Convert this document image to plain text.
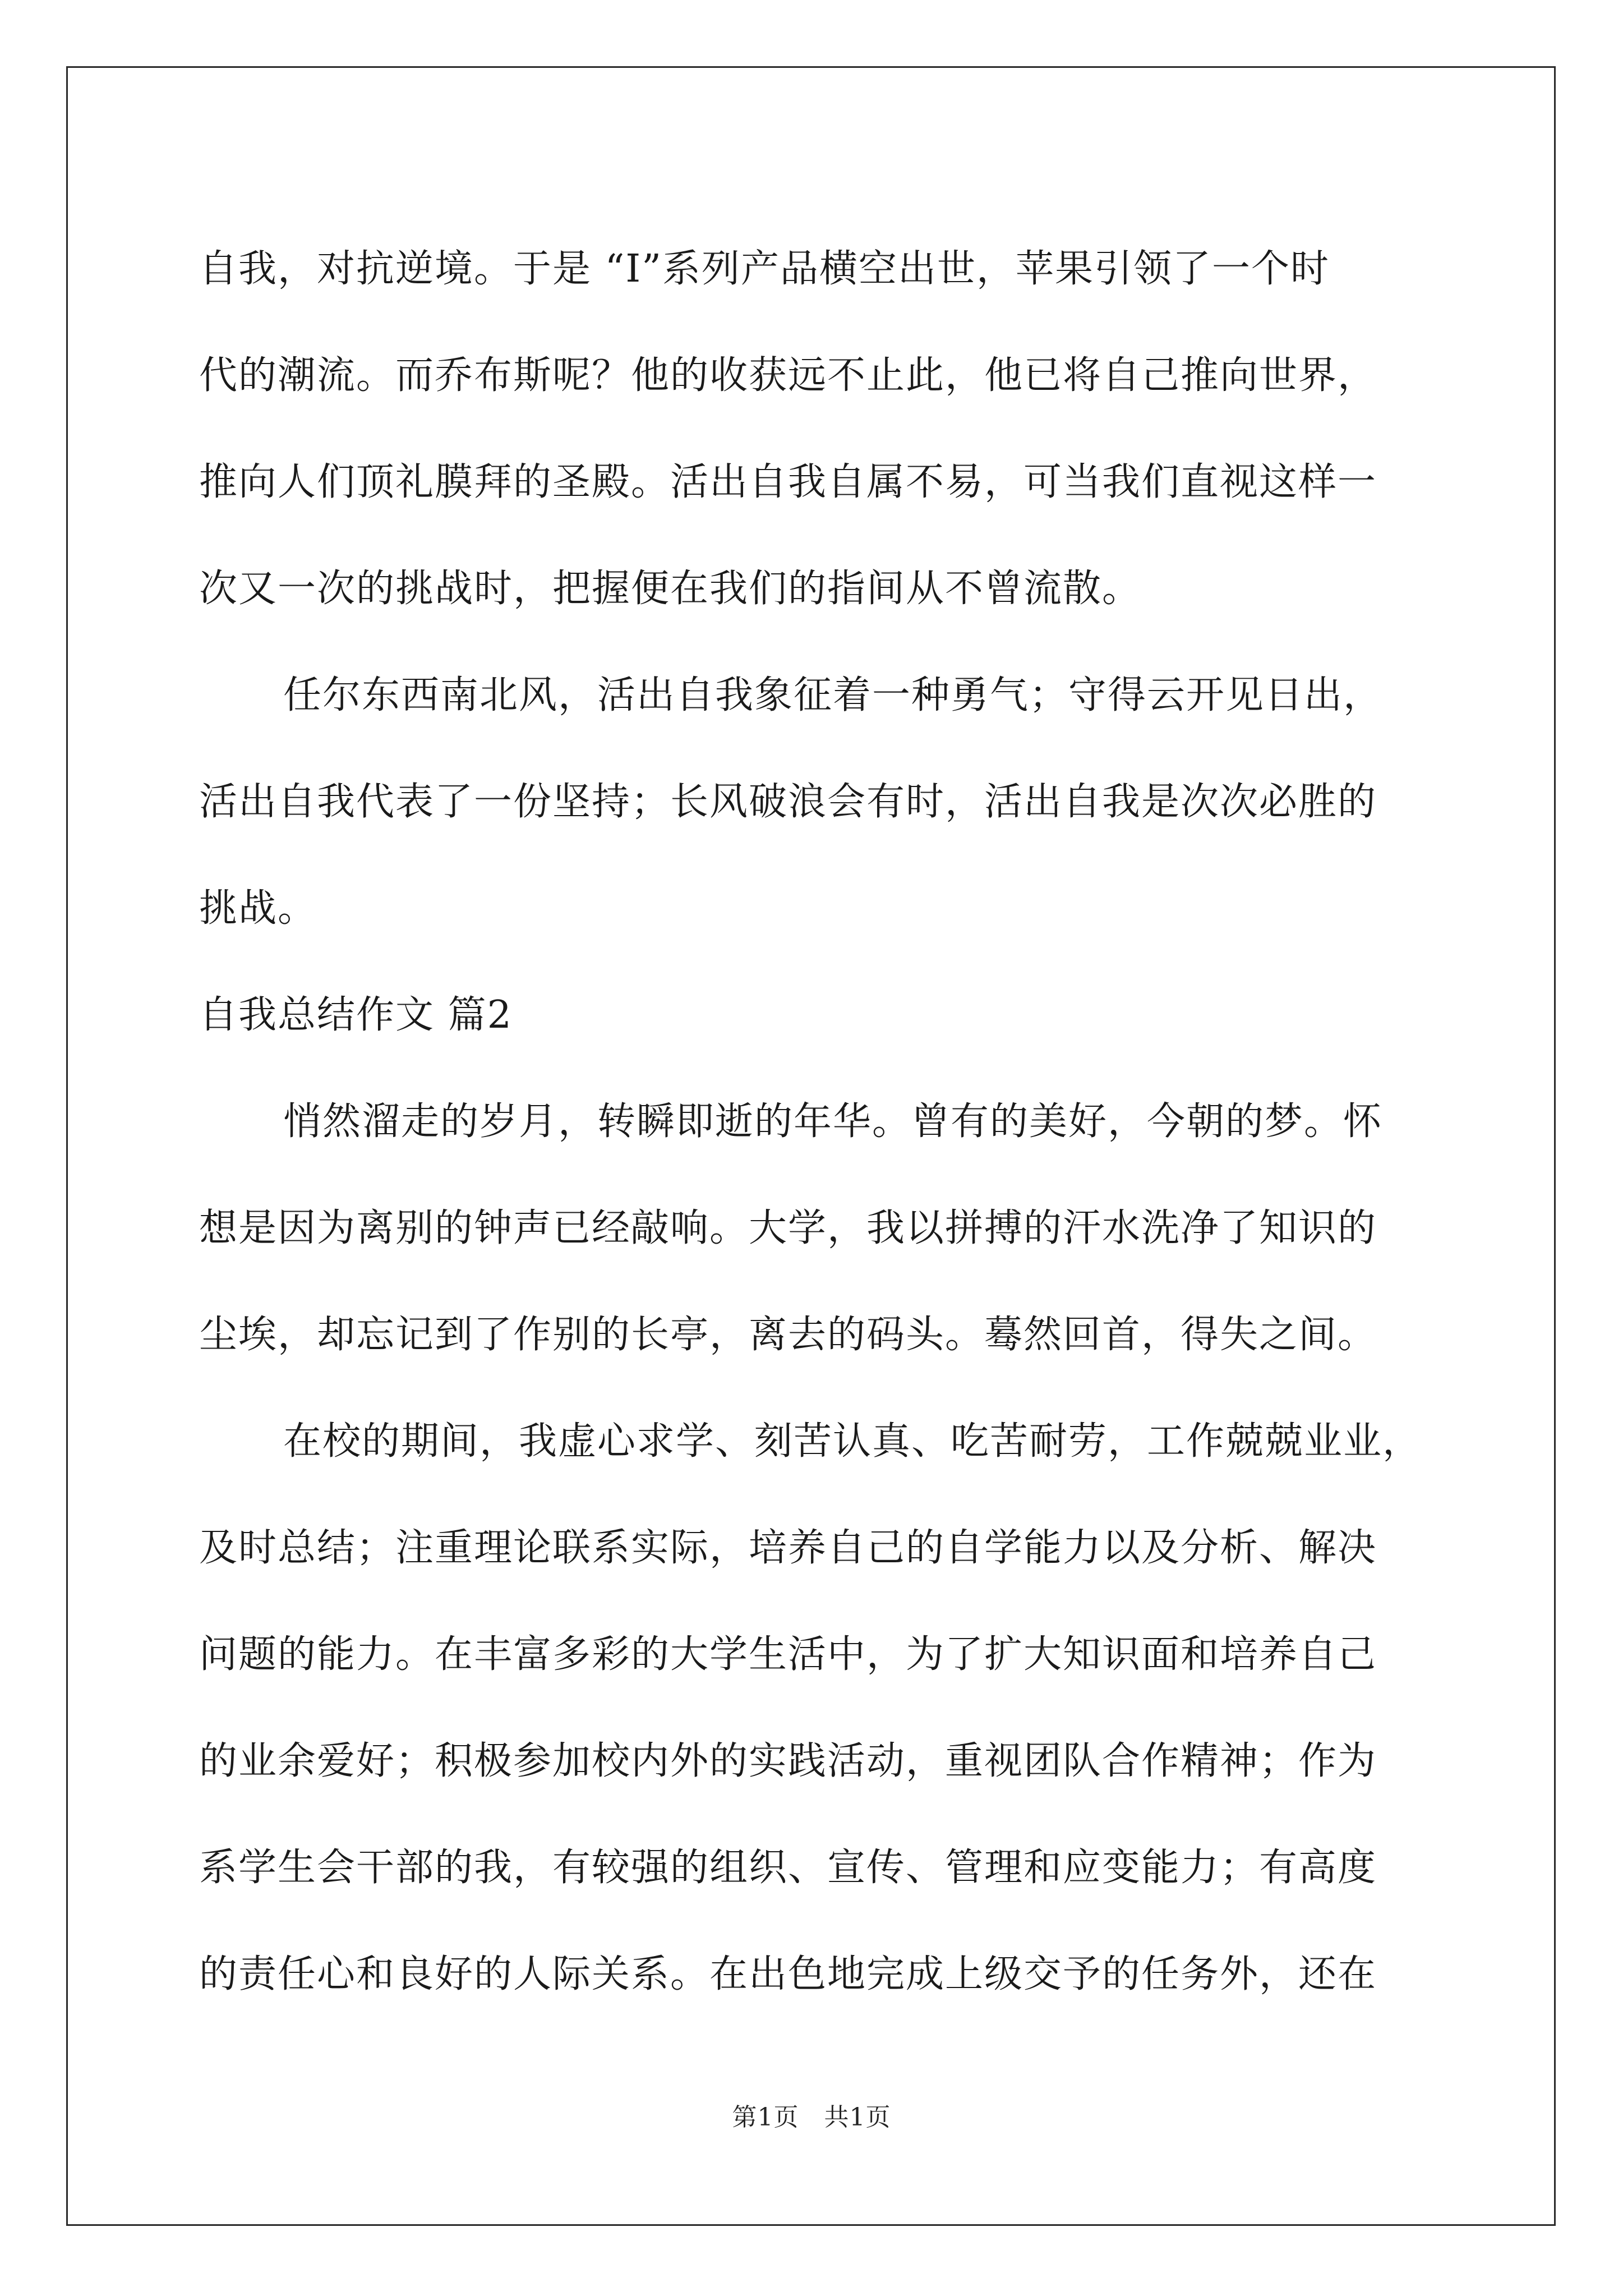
自我，对抗逆境。于是 “I”系列产品横空出世，苹果引领了一个时
代的潮流。而乔布斯呢？他的收获远不止此，他已将自己推向世界，
推向人们顶礼膜拜的圣殿。活出自我自属不易，可当我们直视这样一
次又一次的挑战时，把握便在我们的指间从不曾流散。
任尔东西南北风，活出自我象征着一种勇气；守得云开见日出，
活出自我代表了一份坚持；长风破浪会有时，活出自我是次次必胜的
挑战。
自我总结作文 篇2
悄然溜走的岁月，转瞬即逝的年华。曾有的美好，今朝的梦。怀
想是因为离别的钟声已经敲响。大学，我以拼搏的汗水洗净了知识的
尘埃，却忘记到了作别的长亭，离去的码头。蓦然回首，得失之间。
在校的期间，我虚心求学、刻苦认真、吃苦耐劳，工作兢兢业业，
及时总结；注重理论联系实际，培养自己的自学能力以及分析、解决
问题的能力。在丰富多彩的大学生活中，为了扩大知识面和培养自己
的业余爱好；积极参加校内外的实践活动，重视团队合作精神；作为
系学生会干部的我，有较强的组织、宣传、管理和应变能力；有高度
的责任心和良好的人际关系。在出色地完成上级交予的任务外，还在
第1页　共1页
